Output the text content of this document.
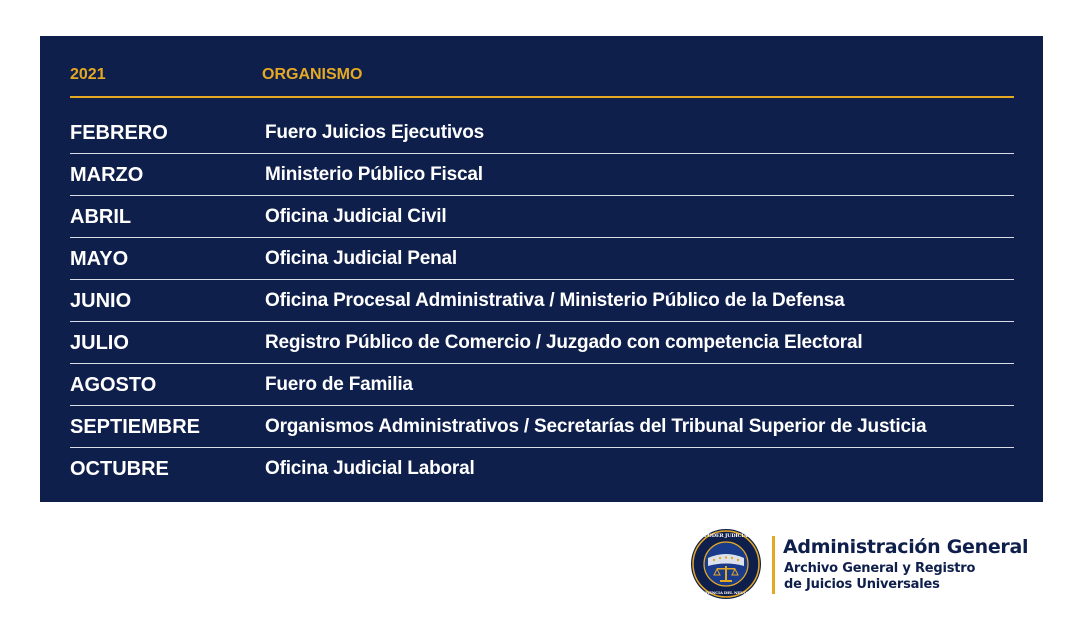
2021	ORGANISMO
FEBRERO	Fuero Juicios Ejecutivos
MARZO	Ministerio Público Fiscal
ABRIL	Oficina Judicial Civil
MAYO	Oficina Judicial Penal
JUNIO	Oficina Procesal Administrativa / Ministerio Público de la Defensa
JULIO	Registro Público de Comercio / Juzgado con competencia Electoral
AGOSTO	Fuero de Familia
SEPTIEMBRE	Organismos Administrativos / Secretarías del Tribunal Superior de Justicia
OCTUBRE	Oficina Judicial Laboral
PODER JUDICIAL
PROVINCIA DEL NEUQUÉN
Administración General
Archivo General y Registro
de Juicios Universales
